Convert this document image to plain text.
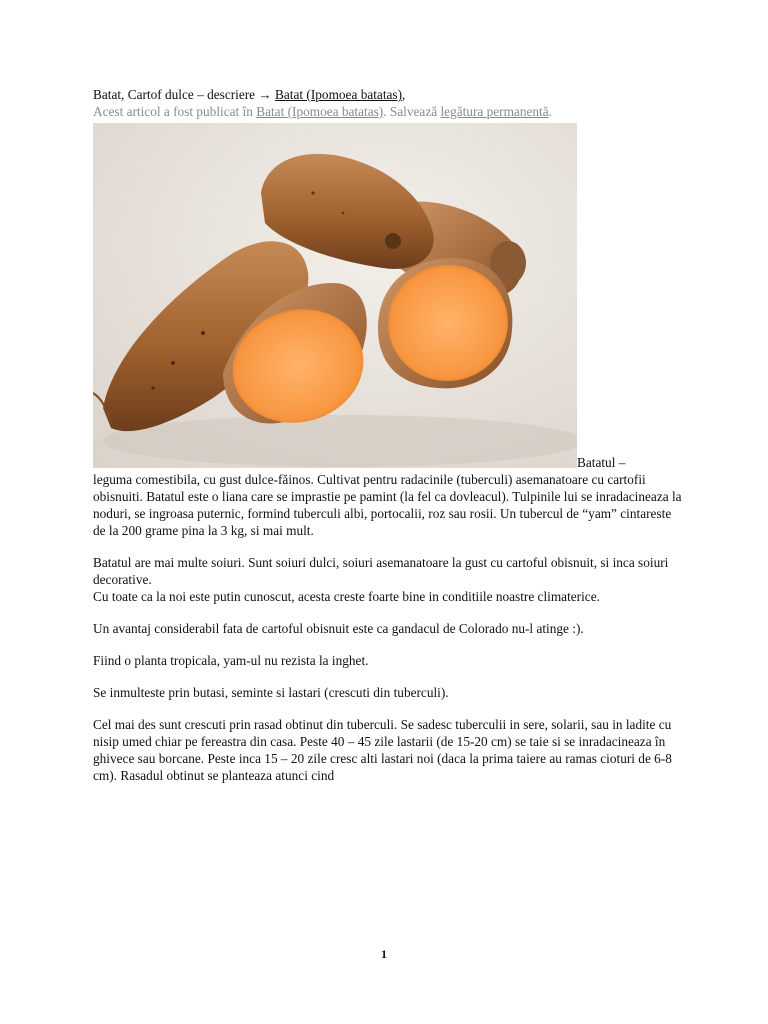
Batat, Cartof dulce – descriere → Batat (Ipomoea batatas),
Acest articol a fost publicat în Batat (Ipomoea batatas). Salvează legătura permanentă.

Batatul –
leguma comestibila, cu gust dulce-făinos. Cultivat pentru radacinile (tuberculi) asemanatoare cu cartofii obisnuiti. Batatul este o liana care se imprastie pe pamint (la fel ca dovleacul). Tulpinile lui se inradacineaza la noduri, se ingroasa puternic, formind tuberculi albi, portocalii, roz sau rosii. Un tubercul de “yam” cintareste de la 200 grame pina la 3 kg, si mai mult.

Batatul are mai multe soiuri. Sunt soiuri dulci, soiuri asemanatoare la gust cu cartoful obisnuit, si inca soiuri decorative.
Cu toate ca la noi este putin cunoscut, acesta creste foarte bine in conditiile noastre climaterice.

Un avantaj considerabil fata de cartoful obisnuit este ca gandacul de Colorado nu-l atinge :).

Fiind o planta tropicala, yam-ul nu rezista la inghet.

Se inmulteste prin butasi, seminte si lastari (crescuti din tuberculi).

Cel mai des sunt crescuti prin rasad obtinut din tuberculi. Se sadesc tuberculii in sere, solarii, sau in ladite cu nisip umed chiar pe fereastra din casa. Peste 40 – 45 zile lastarii (de 15-20 cm) se taie si se inradacineaza în ghivece sau borcane. Peste inca 15 – 20 zile cresc alti lastari noi (daca la prima taiere au ramas cioturi de 6-8 cm). Rasadul obtinut se planteaza atunci cind

1
